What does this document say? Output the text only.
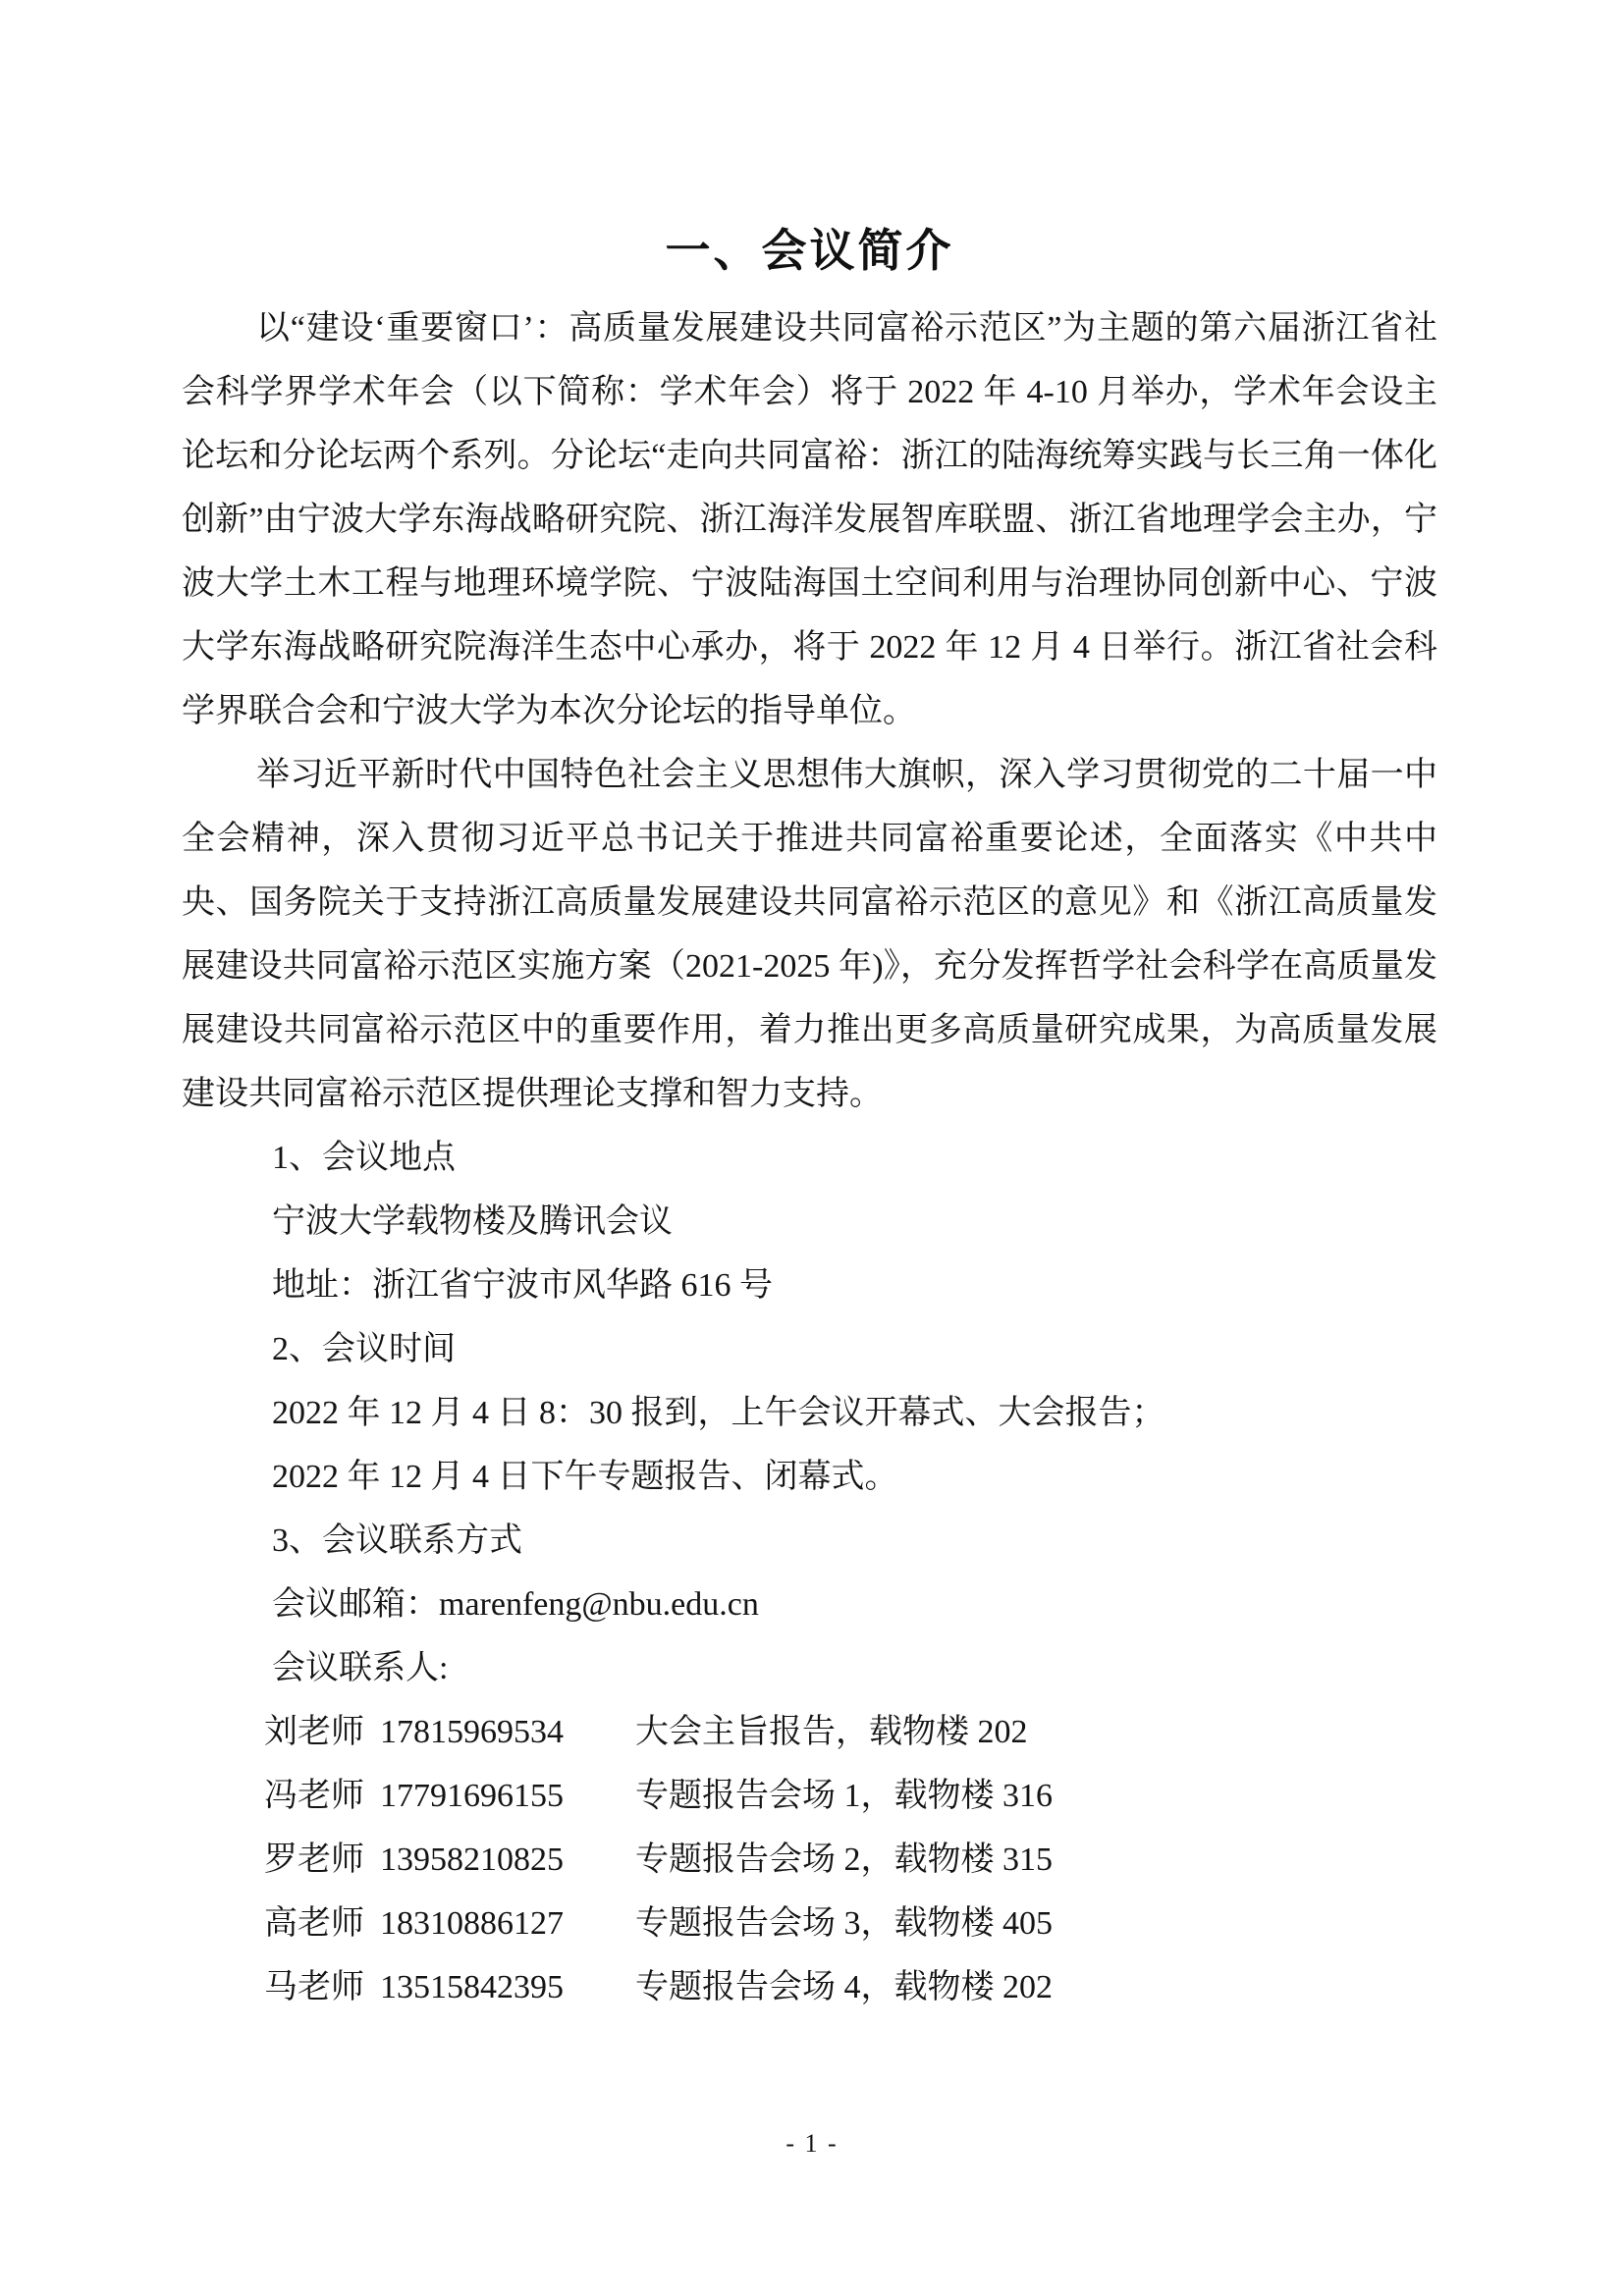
一、会议简介

以“建设‘重要窗口’：高质量发展建设共同富裕示范区”为主题的第六届浙江省社会科学界学术年会（以下简称：学术年会）将于 2022 年 4-10 月举办，学术年会设主论坛和分论坛两个系列。分论坛“走向共同富裕：浙江的陆海统筹实践与长三角一体化创新”由宁波大学东海战略研究院、浙江海洋发展智库联盟、浙江省地理学会主办，宁波大学土木工程与地理环境学院、宁波陆海国土空间利用与治理协同创新中心、宁波大学东海战略研究院海洋生态中心承办，将于 2022 年 12 月 4 日举行。浙江省社会科学界联合会和宁波大学为本次分论坛的指导单位。

举习近平新时代中国特色社会主义思想伟大旗帜，深入学习贯彻党的二十届一中全会精神，深入贯彻习近平总书记关于推进共同富裕重要论述，全面落实《中共中央、国务院关于支持浙江高质量发展建设共同富裕示范区的意见》和《浙江高质量发展建设共同富裕示范区实施方案（2021-2025 年)》，充分发挥哲学社会科学在高质量发展建设共同富裕示范区中的重要作用，着力推出更多高质量研究成果，为高质量发展建设共同富裕示范区提供理论支撑和智力支持。

1、会议地点
宁波大学载物楼及腾讯会议
地址：浙江省宁波市风华路 616 号
2、会议时间
2022 年 12 月 4 日 8：30 报到，上午会议开幕式、大会报告；
2022 年 12 月 4 日下午专题报告、闭幕式。
3、会议联系方式
会议邮箱：marenfeng@nbu.edu.cn
会议联系人:
刘老师 17815969534 大会主旨报告，载物楼 202
冯老师 17791696155 专题报告会场 1，载物楼 316
罗老师 13958210825 专题报告会场 2，载物楼 315
高老师 18310886127 专题报告会场 3，载物楼 405
马老师 13515842395 专题报告会场 4，载物楼 202
- 1 -
